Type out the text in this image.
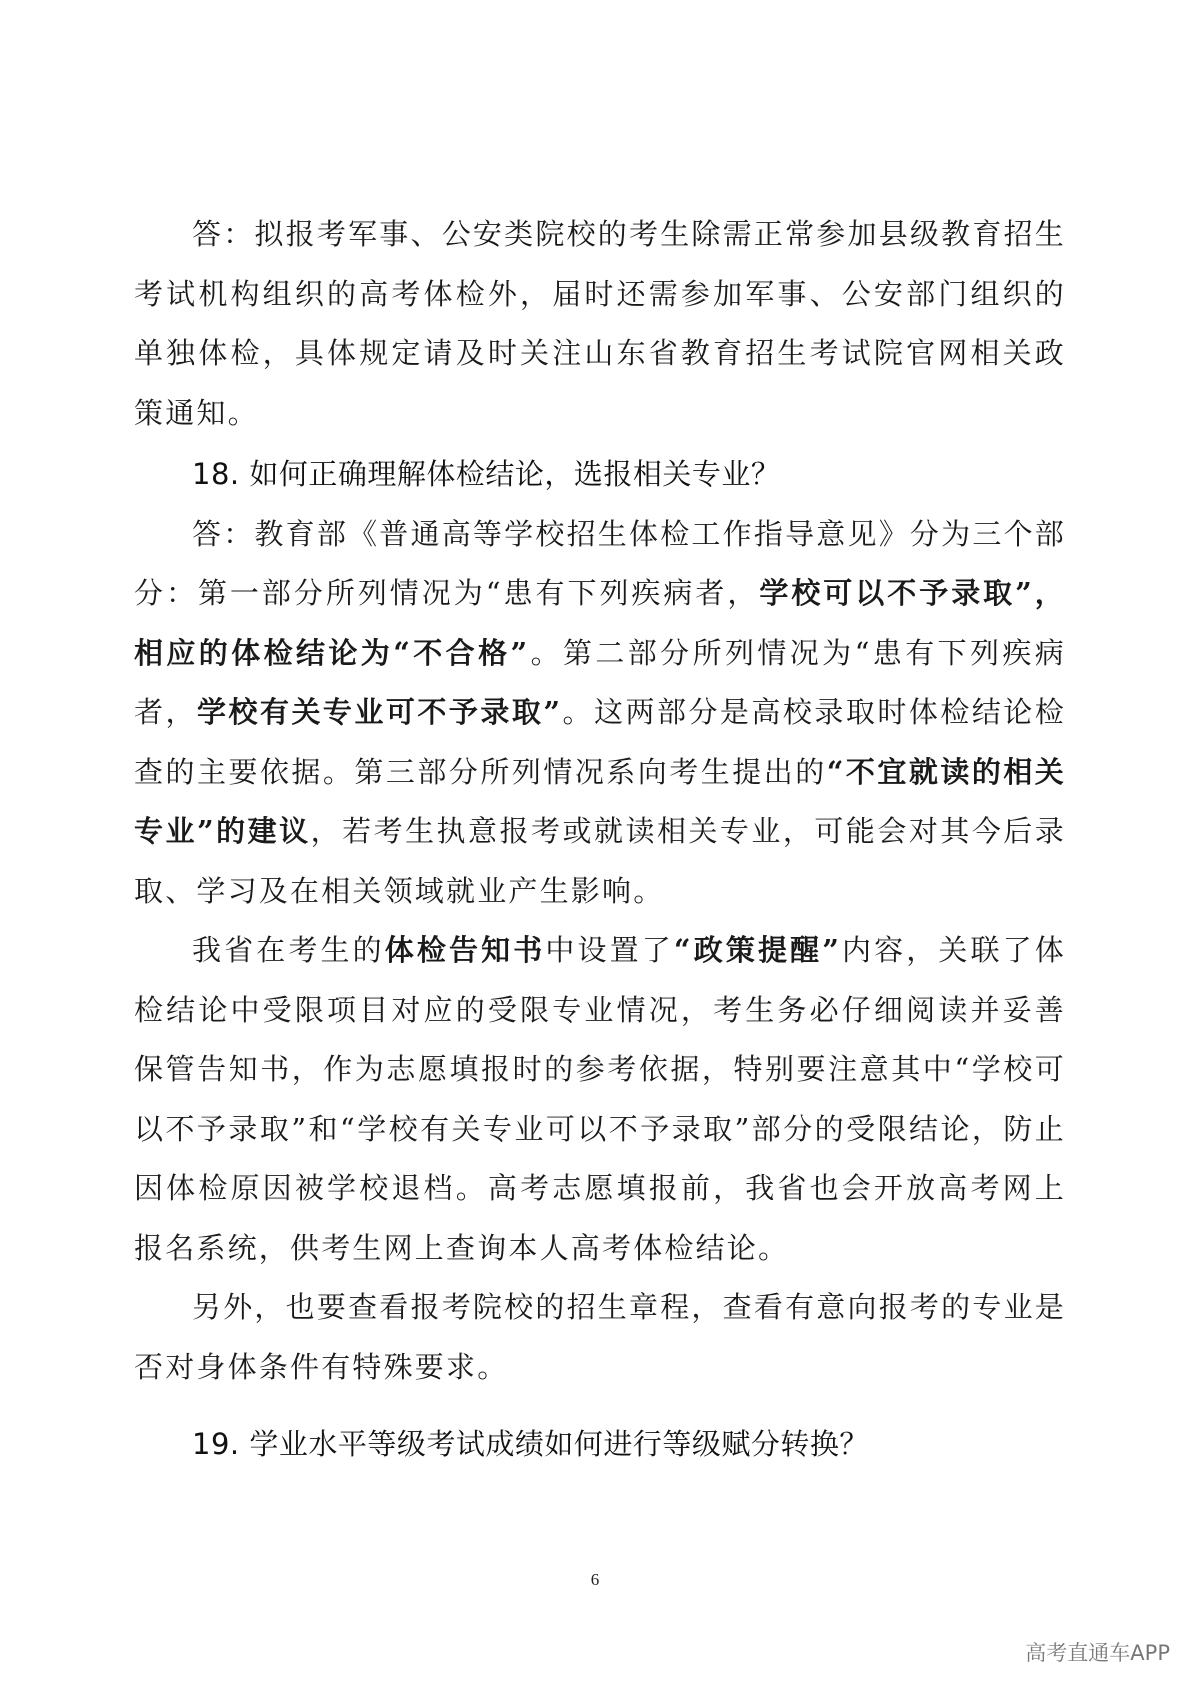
答：拟报考军事、公安类院校的考生除需正常参加县级教育招生考试机构组织的高考体检外，届时还需参加军事、公安部门组织的单独体检，具体规定请及时关注山东省教育招生考试院官网相关政策通知。

18. 如何正确理解体检结论，选报相关专业？

答：教育部《普通高等学校招生体检工作指导意见》分为三个部分：第一部分所列情况为“患有下列疾病者，学校可以不予录取”，相应的体检结论为“不合格”。第二部分所列情况为“患有下列疾病者，学校有关专业可不予录取”。这两部分是高校录取时体检结论检查的主要依据。第三部分所列情况系向考生提出的“不宜就读的相关专业”的建议，若考生执意报考或就读相关专业，可能会对其今后录取、学习及在相关领域就业产生影响。

我省在考生的体检告知书中设置了“政策提醒”内容，关联了体检结论中受限项目对应的受限专业情况，考生务必仔细阅读并妥善保管告知书，作为志愿填报时的参考依据，特别要注意其中“学校可以不予录取”和“学校有关专业可以不予录取”部分的受限结论，防止因体检原因被学校退档。高考志愿填报前，我省也会开放高考网上报名系统，供考生网上查询本人高考体检结论。

另外，也要查看报考院校的招生章程，查看有意向报考的专业是否对身体条件有特殊要求。

19. 学业水平等级考试成绩如何进行等级赋分转换？

6
高考直通车APP
